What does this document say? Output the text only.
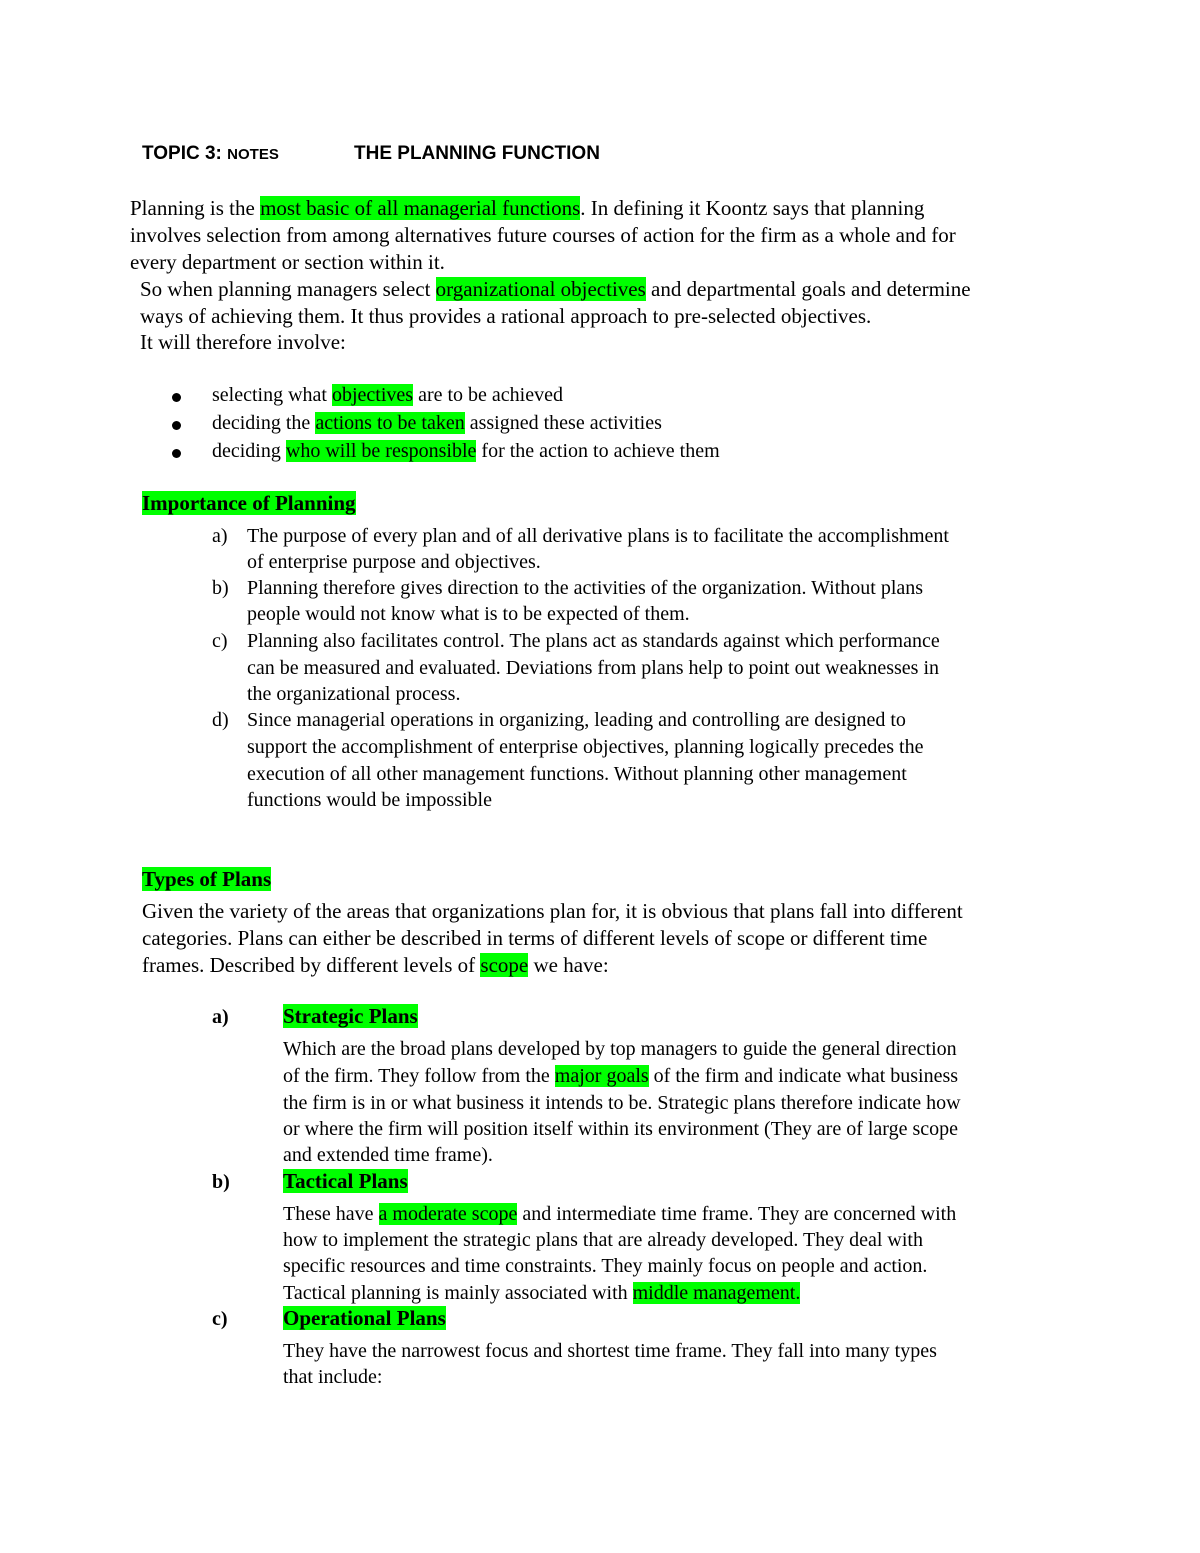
TOPIC 3: NOTES	THE PLANNING FUNCTION
Planning is the most basic of all managerial functions. In defining it Koontz says that planning
involves selection from among alternatives future courses of action for the firm as a whole and for
every department or section within it.
So when planning managers select organizational objectives and departmental goals and determine
ways of achieving them. It thus provides a rational approach to pre-selected objectives.
It will therefore involve:
selecting what objectives are to be achieved
deciding the actions to be taken assigned these activities
deciding who will be responsible for the action to achieve them
Importance of Planning
a) The purpose of every plan and of all derivative plans is to facilitate the accomplishment
of enterprise purpose and objectives.
b) Planning therefore gives direction to the activities of the organization. Without plans
people would not know what is to be expected of them.
c) Planning also facilitates control. The plans act as standards against which performance
can be measured and evaluated. Deviations from plans help to point out weaknesses in
the organizational process.
d) Since managerial operations in organizing, leading and controlling are designed to
support the accomplishment of enterprise objectives, planning logically precedes the
execution of all other management functions. Without planning other management
functions would be impossible
Types of Plans
Given the variety of the areas that organizations plan for, it is obvious that plans fall into different
categories. Plans can either be described in terms of different levels of scope or different time
frames. Described by different levels of scope we have:
a)	Strategic Plans
Which are the broad plans developed by top managers to guide the general direction
of the firm. They follow from the major goals of the firm and indicate what business
the firm is in or what business it intends to be. Strategic plans therefore indicate how
or where the firm will position itself within its environment (They are of large scope
and extended time frame).
b)	Tactical Plans
These have a moderate scope and intermediate time frame. They are concerned with
how to implement the strategic plans that are already developed. They deal with
specific resources and time constraints. They mainly focus on people and action.
Tactical planning is mainly associated with middle management.
c)	Operational Plans
They have the narrowest focus and shortest time frame. They fall into many types
that include:
